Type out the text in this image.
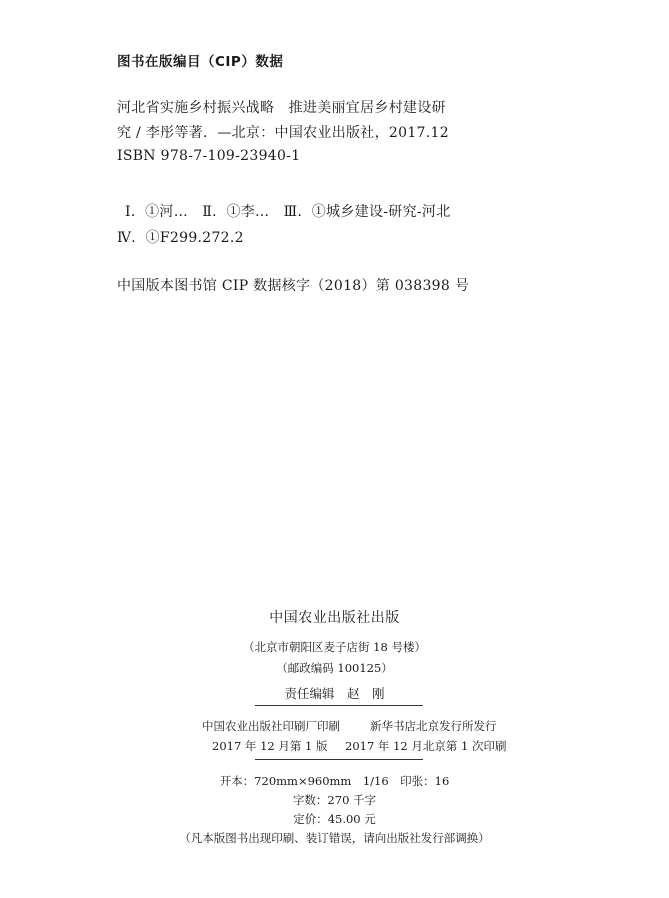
图书在版编目（CIP）数据
河北省实施乡村振兴战略　推进美丽宜居乡村建设研
究 / 李彤等著．—北京：中国农业出版社，2017.12
ISBN 978-7-109-23940-1
Ⅰ．①河…　Ⅱ．①李…　Ⅲ．①城乡建设-研究-河北
Ⅳ．①F299.272.2
中国版本图书馆 CIP 数据核字（2018）第 038398 号
中国农业出版社出版
（北京市朝阳区麦子店街 18 号楼）
（邮政编码 100125）
责任编辑　赵　刚
中国农业出版社印刷厂印刷	新华书店北京发行所发行
2017 年 12 月第 1 版 2017 年 12 月北京第 1 次印刷
开本：720mm×960mm　1/16　印张：16
字数：270 千字
定价：45.00 元
（凡本版图书出现印刷、装订错误，请向出版社发行部调换）
